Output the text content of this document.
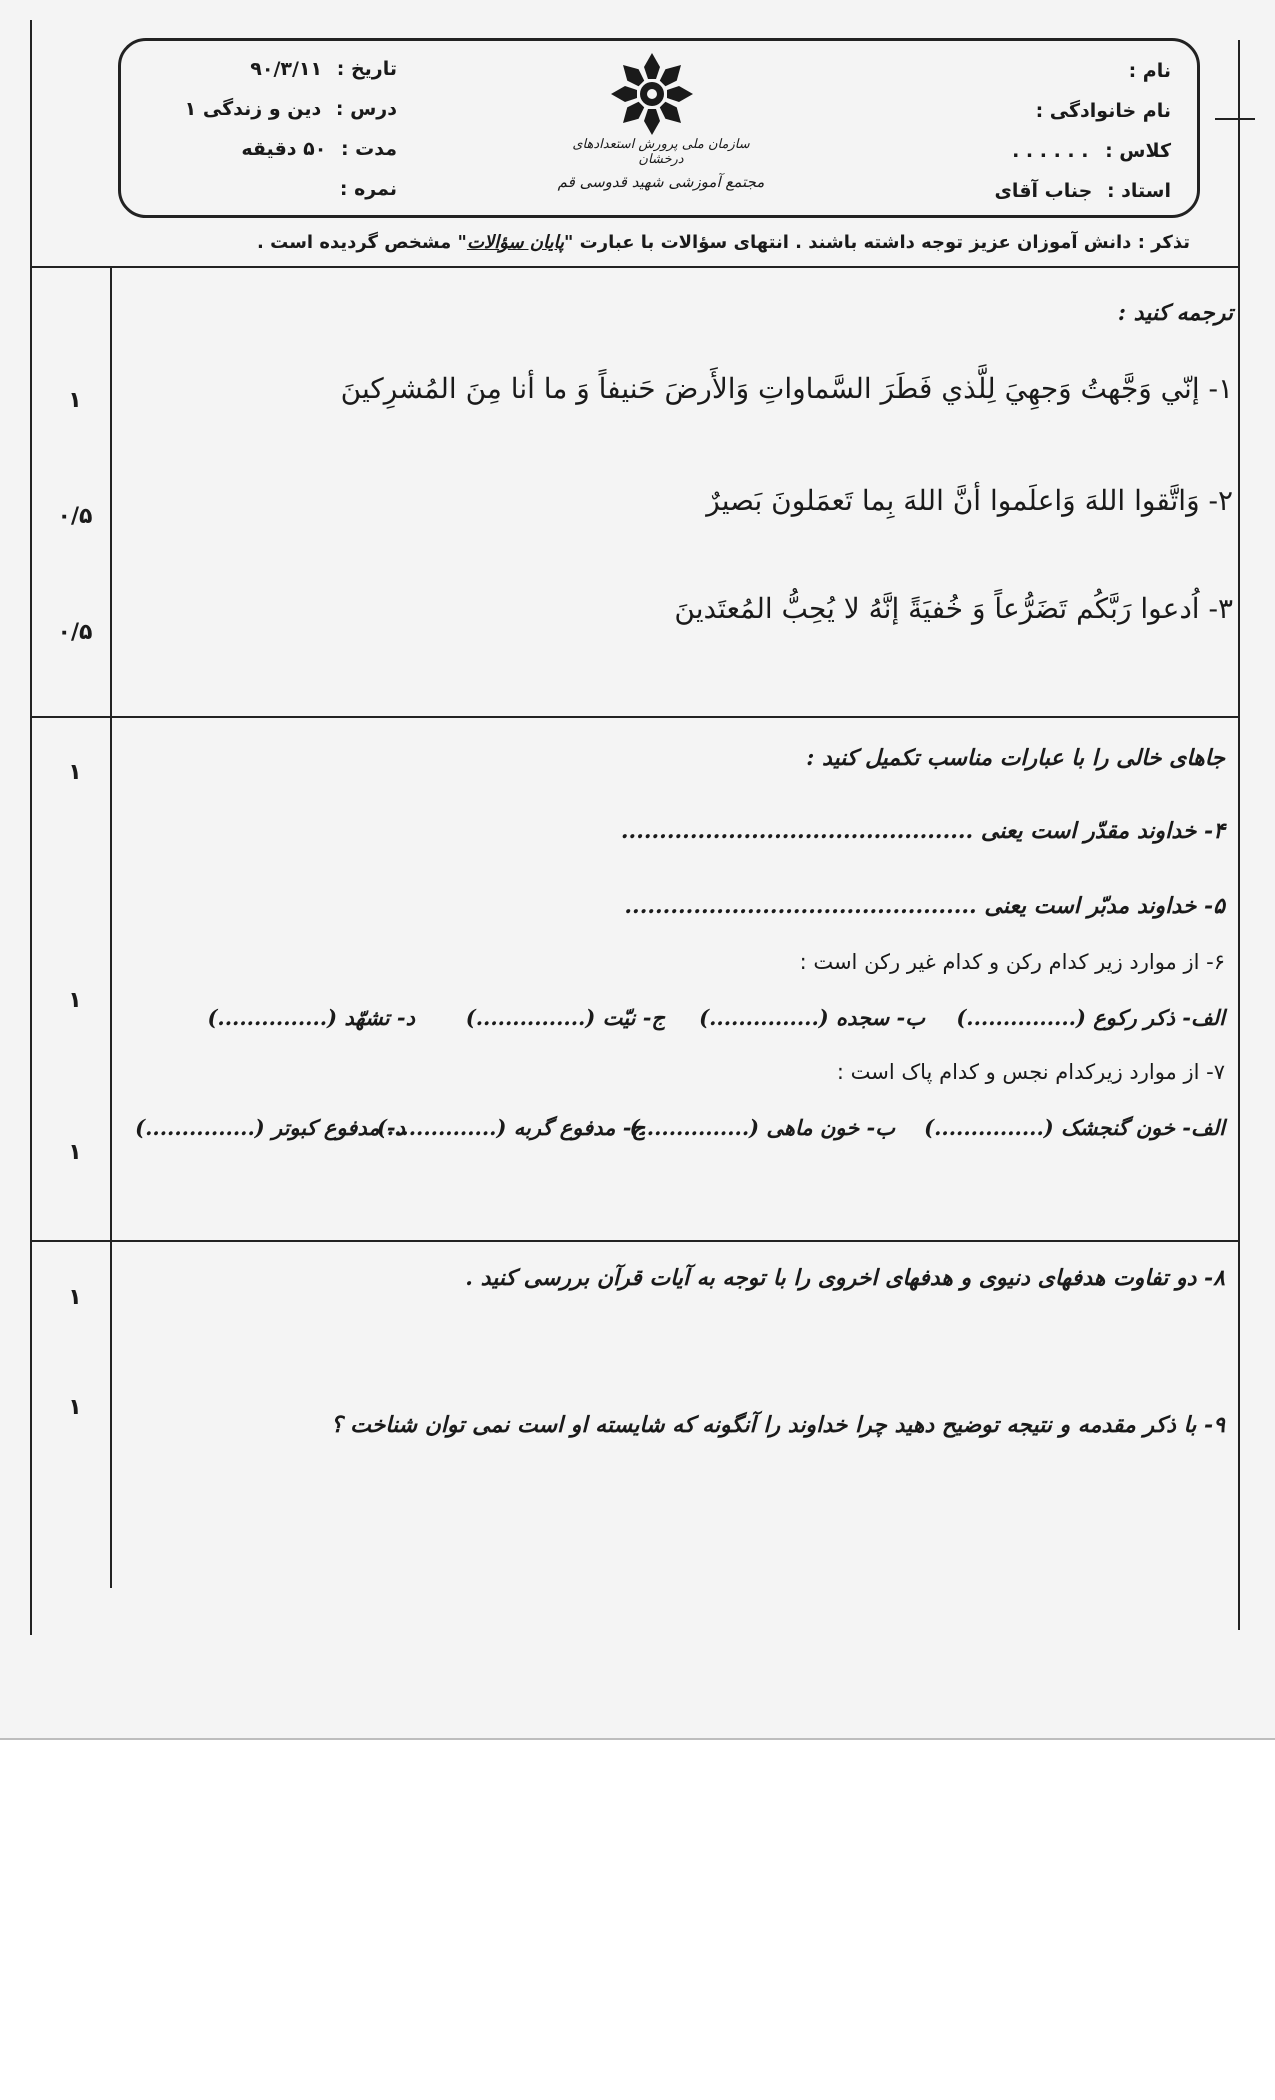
نام :
نام خانوادگی :
کلاس : . . . . . .
استاد : جناب آقای
سازمان ملی پرورش استعدادهای درخشان
مجتمع آموزشی شهید قدوسی قم
تاریخ : ۹۰/۳/۱۱
درس : دین و زندگی ۱
مدت : ۵۰ دقیقه
نمره :
تذکر : دانش آموزان عزیز توجه داشته باشند . انتهای سؤالات با عبارت "پایان سؤالات" مشخص گردیده است .
ترجمه کنید :
۱- إنّي وَجَّهتُ وَجهِيَ لِلَّذي فَطَرَ السَّماواتِ وَالأَرضَ حَنيفاً وَ ما أنا مِنَ المُشرِكينَ
۱
۲- وَاتَّقوا اللهَ وَاعلَموا أنَّ اللهَ بِما تَعمَلونَ بَصيرٌ
۰/۵
۳- اُدعوا رَبَّكُم تَضَرُّعاً وَ خُفيَةً إنَّهُ لا يُحِبُّ المُعتَدينَ
۰/۵
جاهای خالی را با عبارات مناسب تکمیل کنید :
۱
۴- خداوند مقدّر است یعنی ..............................................
۵- خداوند مدبّر است یعنی ..............................................
۶- از موارد زیر کدام رکن و کدام غیر رکن است :
۱
الف- ذکر رکوع (...............)
ب- سجده (...............)
ج- نیّت (...............)
د- تشهّد (...............)
۷- از موارد زیرکدام نجس و کدام پاک است :
۱
الف- خون گنجشک (...............)
ب- خون ماهی (...............)
ج- مدفوع گربه (...............)
د- مدفوع کبوتر (...............)
۸- دو تفاوت هدفهای دنیوی و هدفهای اخروی را با توجه به آیات قرآن بررسی کنید .
۱
۹- با ذکر مقدمه و نتیجه توضیح دهید چرا خداوند را آنگونه که شایسته او است نمی توان شناخت ؟
۱
